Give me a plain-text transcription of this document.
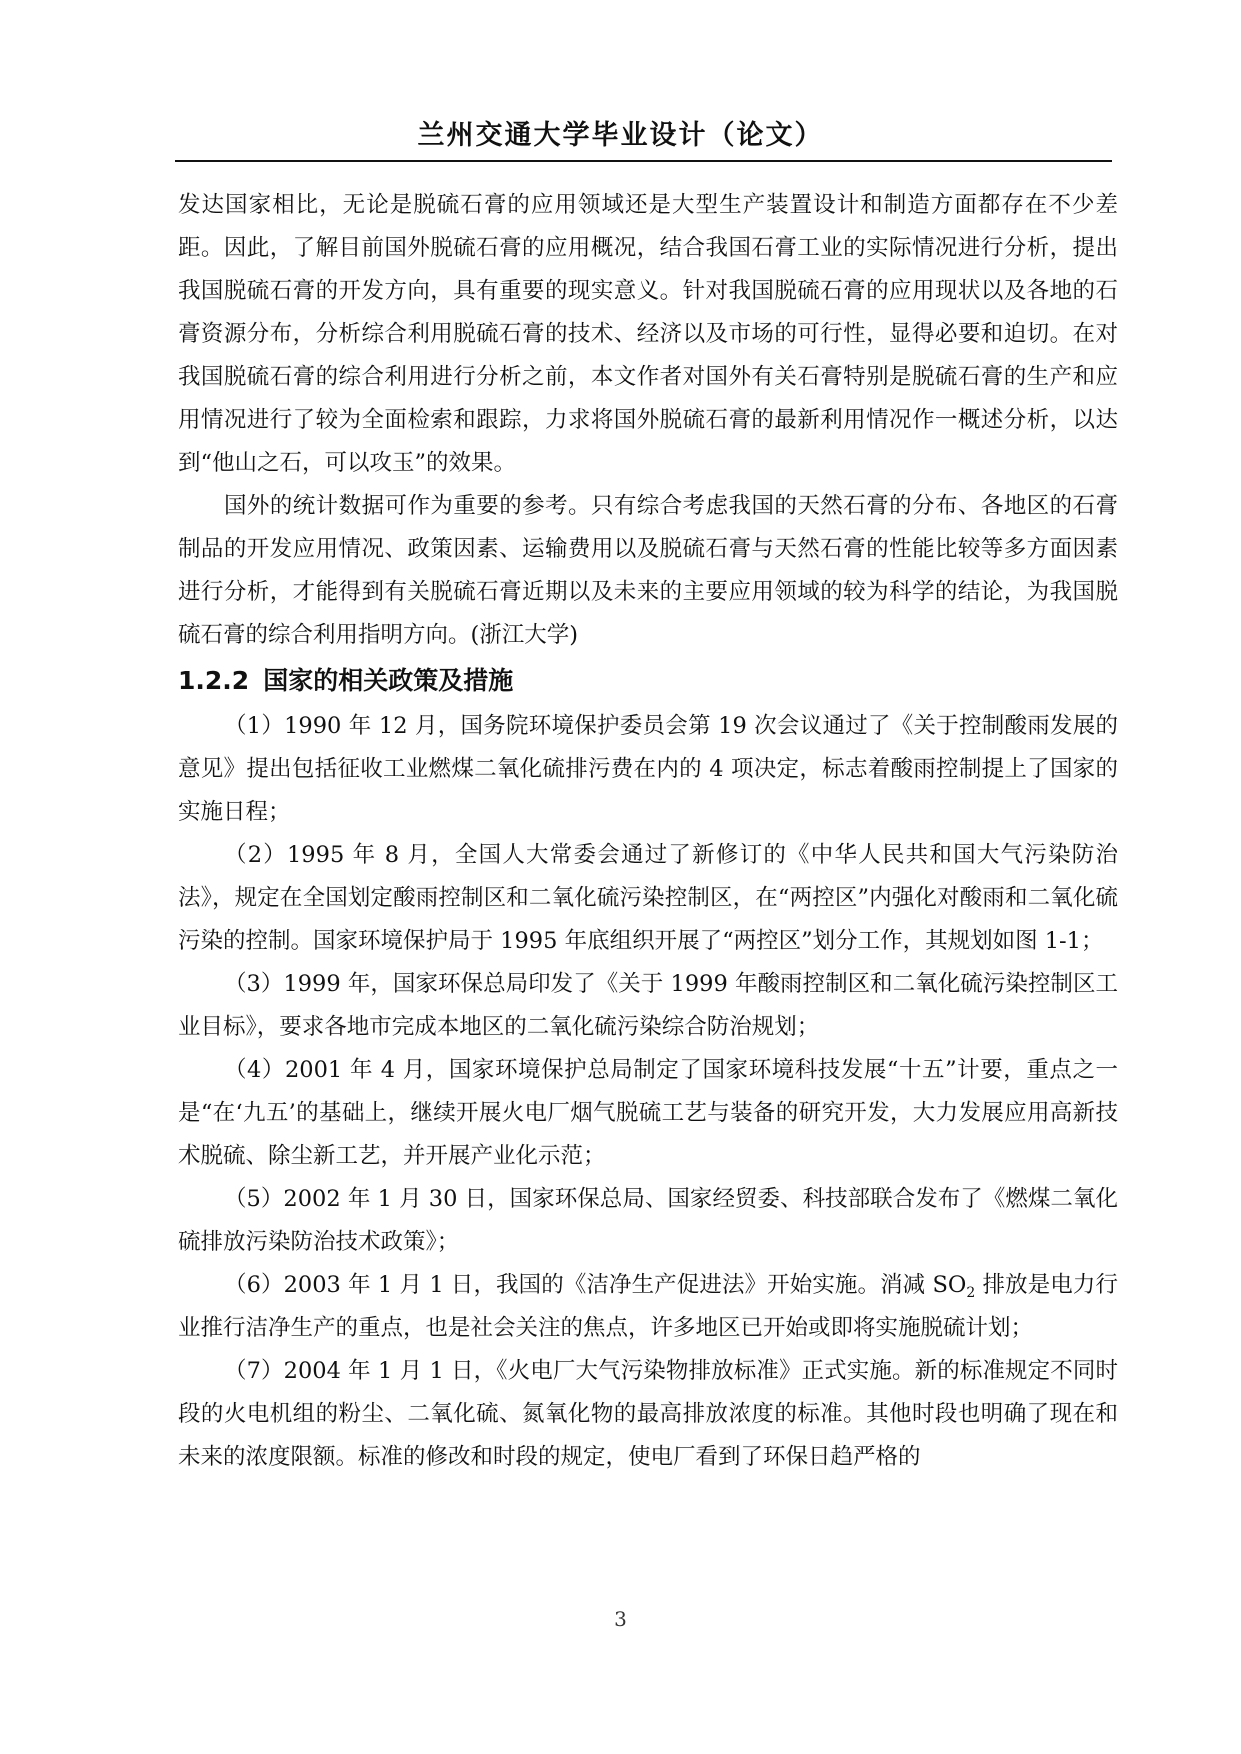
兰州交通大学毕业设计（论文）

发达国家相比，无论是脱硫石膏的应用领域还是大型生产装置设计和制造方面都存在不少差距。因此，了解目前国外脱硫石膏的应用概况，结合我国石膏工业的实际情况进行分析，提出我国脱硫石膏的开发方向，具有重要的现实意义。针对我国脱硫石膏的应用现状以及各地的石膏资源分布，分析综合利用脱硫石膏的技术、经济以及市场的可行性，显得必要和迫切。在对我国脱硫石膏的综合利用进行分析之前，本文作者对国外有关石膏特别是脱硫石膏的生产和应用情况进行了较为全面检索和跟踪，力求将国外脱硫石膏的最新利用情况作一概述分析，以达到“他山之石，可以攻玉”的效果。

国外的统计数据可作为重要的参考。只有综合考虑我国的天然石膏的分布、各地区的石膏制品的开发应用情况、政策因素、运输费用以及脱硫石膏与天然石膏的性能比较等多方面因素进行分析，才能得到有关脱硫石膏近期以及未来的主要应用领域的较为科学的结论，为我国脱硫石膏的综合利用指明方向。(浙江大学)

1.2.2 国家的相关政策及措施

（1）1990 年 12 月，国务院环境保护委员会第 19 次会议通过了《关于控制酸雨发展的意见》提出包括征收工业燃煤二氧化硫排污费在内的 4 项决定，标志着酸雨控制提上了国家的实施日程；

（2）1995 年 8 月，全国人大常委会通过了新修订的《中华人民共和国大气污染防治法》，规定在全国划定酸雨控制区和二氧化硫污染控制区，在“两控区”内强化对酸雨和二氧化硫污染的控制。国家环境保护局于 1995 年底组织开展了“两控区”划分工作，其规划如图 1-1；

（3）1999 年，国家环保总局印发了《关于 1999 年酸雨控制区和二氧化硫污染控制区工业目标》，要求各地市完成本地区的二氧化硫污染综合防治规划；

（4）2001 年 4 月，国家环境保护总局制定了国家环境科技发展“十五”计要，重点之一是“在‘九五’的基础上，继续开展火电厂烟气脱硫工艺与装备的研究开发，大力发展应用高新技术脱硫、除尘新工艺，并开展产业化示范；

（5）2002 年 1 月 30 日，国家环保总局、国家经贸委、科技部联合发布了《燃煤二氧化硫排放污染防治技术政策》；

（6）2003 年 1 月 1 日，我国的《洁净生产促进法》开始实施。消减 $SO_2$ 排放是电力行业推行洁净生产的重点，也是社会关注的焦点，许多地区已开始或即将实施脱硫计划；

（7）2004 年 1 月 1 日，《火电厂大气污染物排放标准》正式实施。新的标准规定不同时段的火电机组的粉尘、二氧化硫、氮氧化物的最高排放浓度的标准。其他时段也明确了现在和未来的浓度限额。标准的修改和时段的规定，使电厂看到了环保日趋严格的

3
